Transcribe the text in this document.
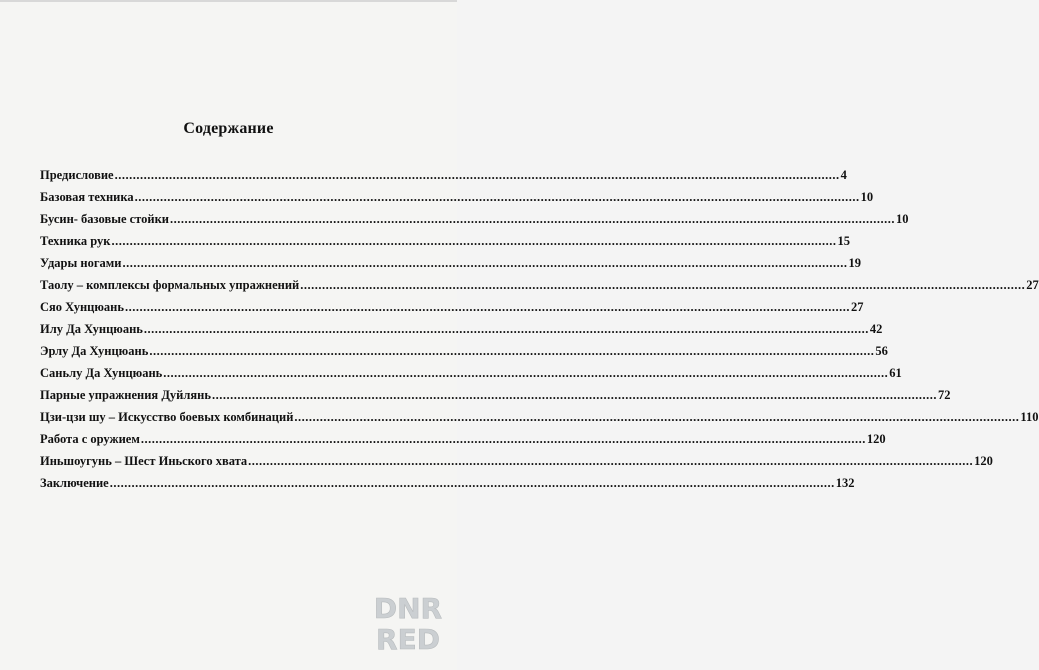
Содержание
Предисловие ........................................................................................................................................................................................................ 4
Базовая техника ........................................................................................................................................................................................................ 10
Бусин- базовые стойки ........................................................................................................................................................................................................ 10
Техника рук ........................................................................................................................................................................................................ 15
Удары ногами ........................................................................................................................................................................................................ 19
Таолу – комплексы формальных упражнений ........................................................................................................................................................................................................ 27
Сяо Хунцюань ........................................................................................................................................................................................................ 27
Илу Да Хунцюань ........................................................................................................................................................................................................ 42
Эрлу Да Хунцюань ........................................................................................................................................................................................................ 56
Саньлу Да Хунцюань ........................................................................................................................................................................................................ 61
Парные упражнения Дуйлянь ........................................................................................................................................................................................................ 72
Цзи-цзи шу – Искусство боевых комбинаций ........................................................................................................................................................................................................ 110
Работа с оружием ........................................................................................................................................................................................................ 120
Иньшоугунь – Шест Иньского хвата ........................................................................................................................................................................................................ 120
Заключение ........................................................................................................................................................................................................ 132
DNR
RED
